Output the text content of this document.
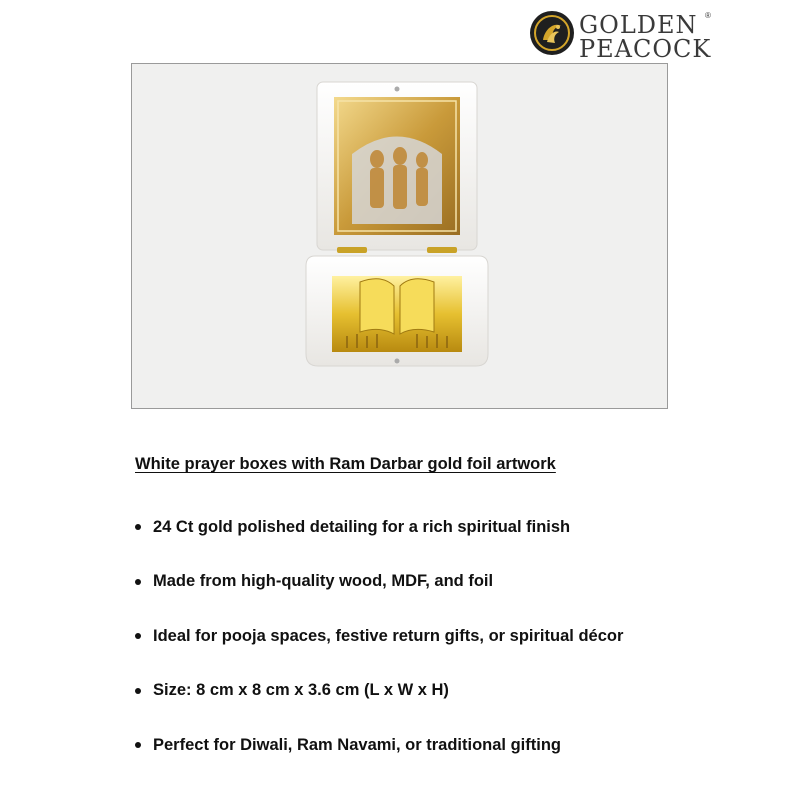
GOLDEN
PEACOCK
®
White prayer boxes with Ram Darbar gold foil artwork
24 Ct gold polished detailing for a rich spiritual finish
Made from high-quality wood, MDF, and foil
Ideal for pooja spaces, festive return gifts, or spiritual décor
Size: 8 cm x 8 cm x 3.6 cm (L x W x H)
Perfect for Diwali, Ram Navami, or traditional gifting
